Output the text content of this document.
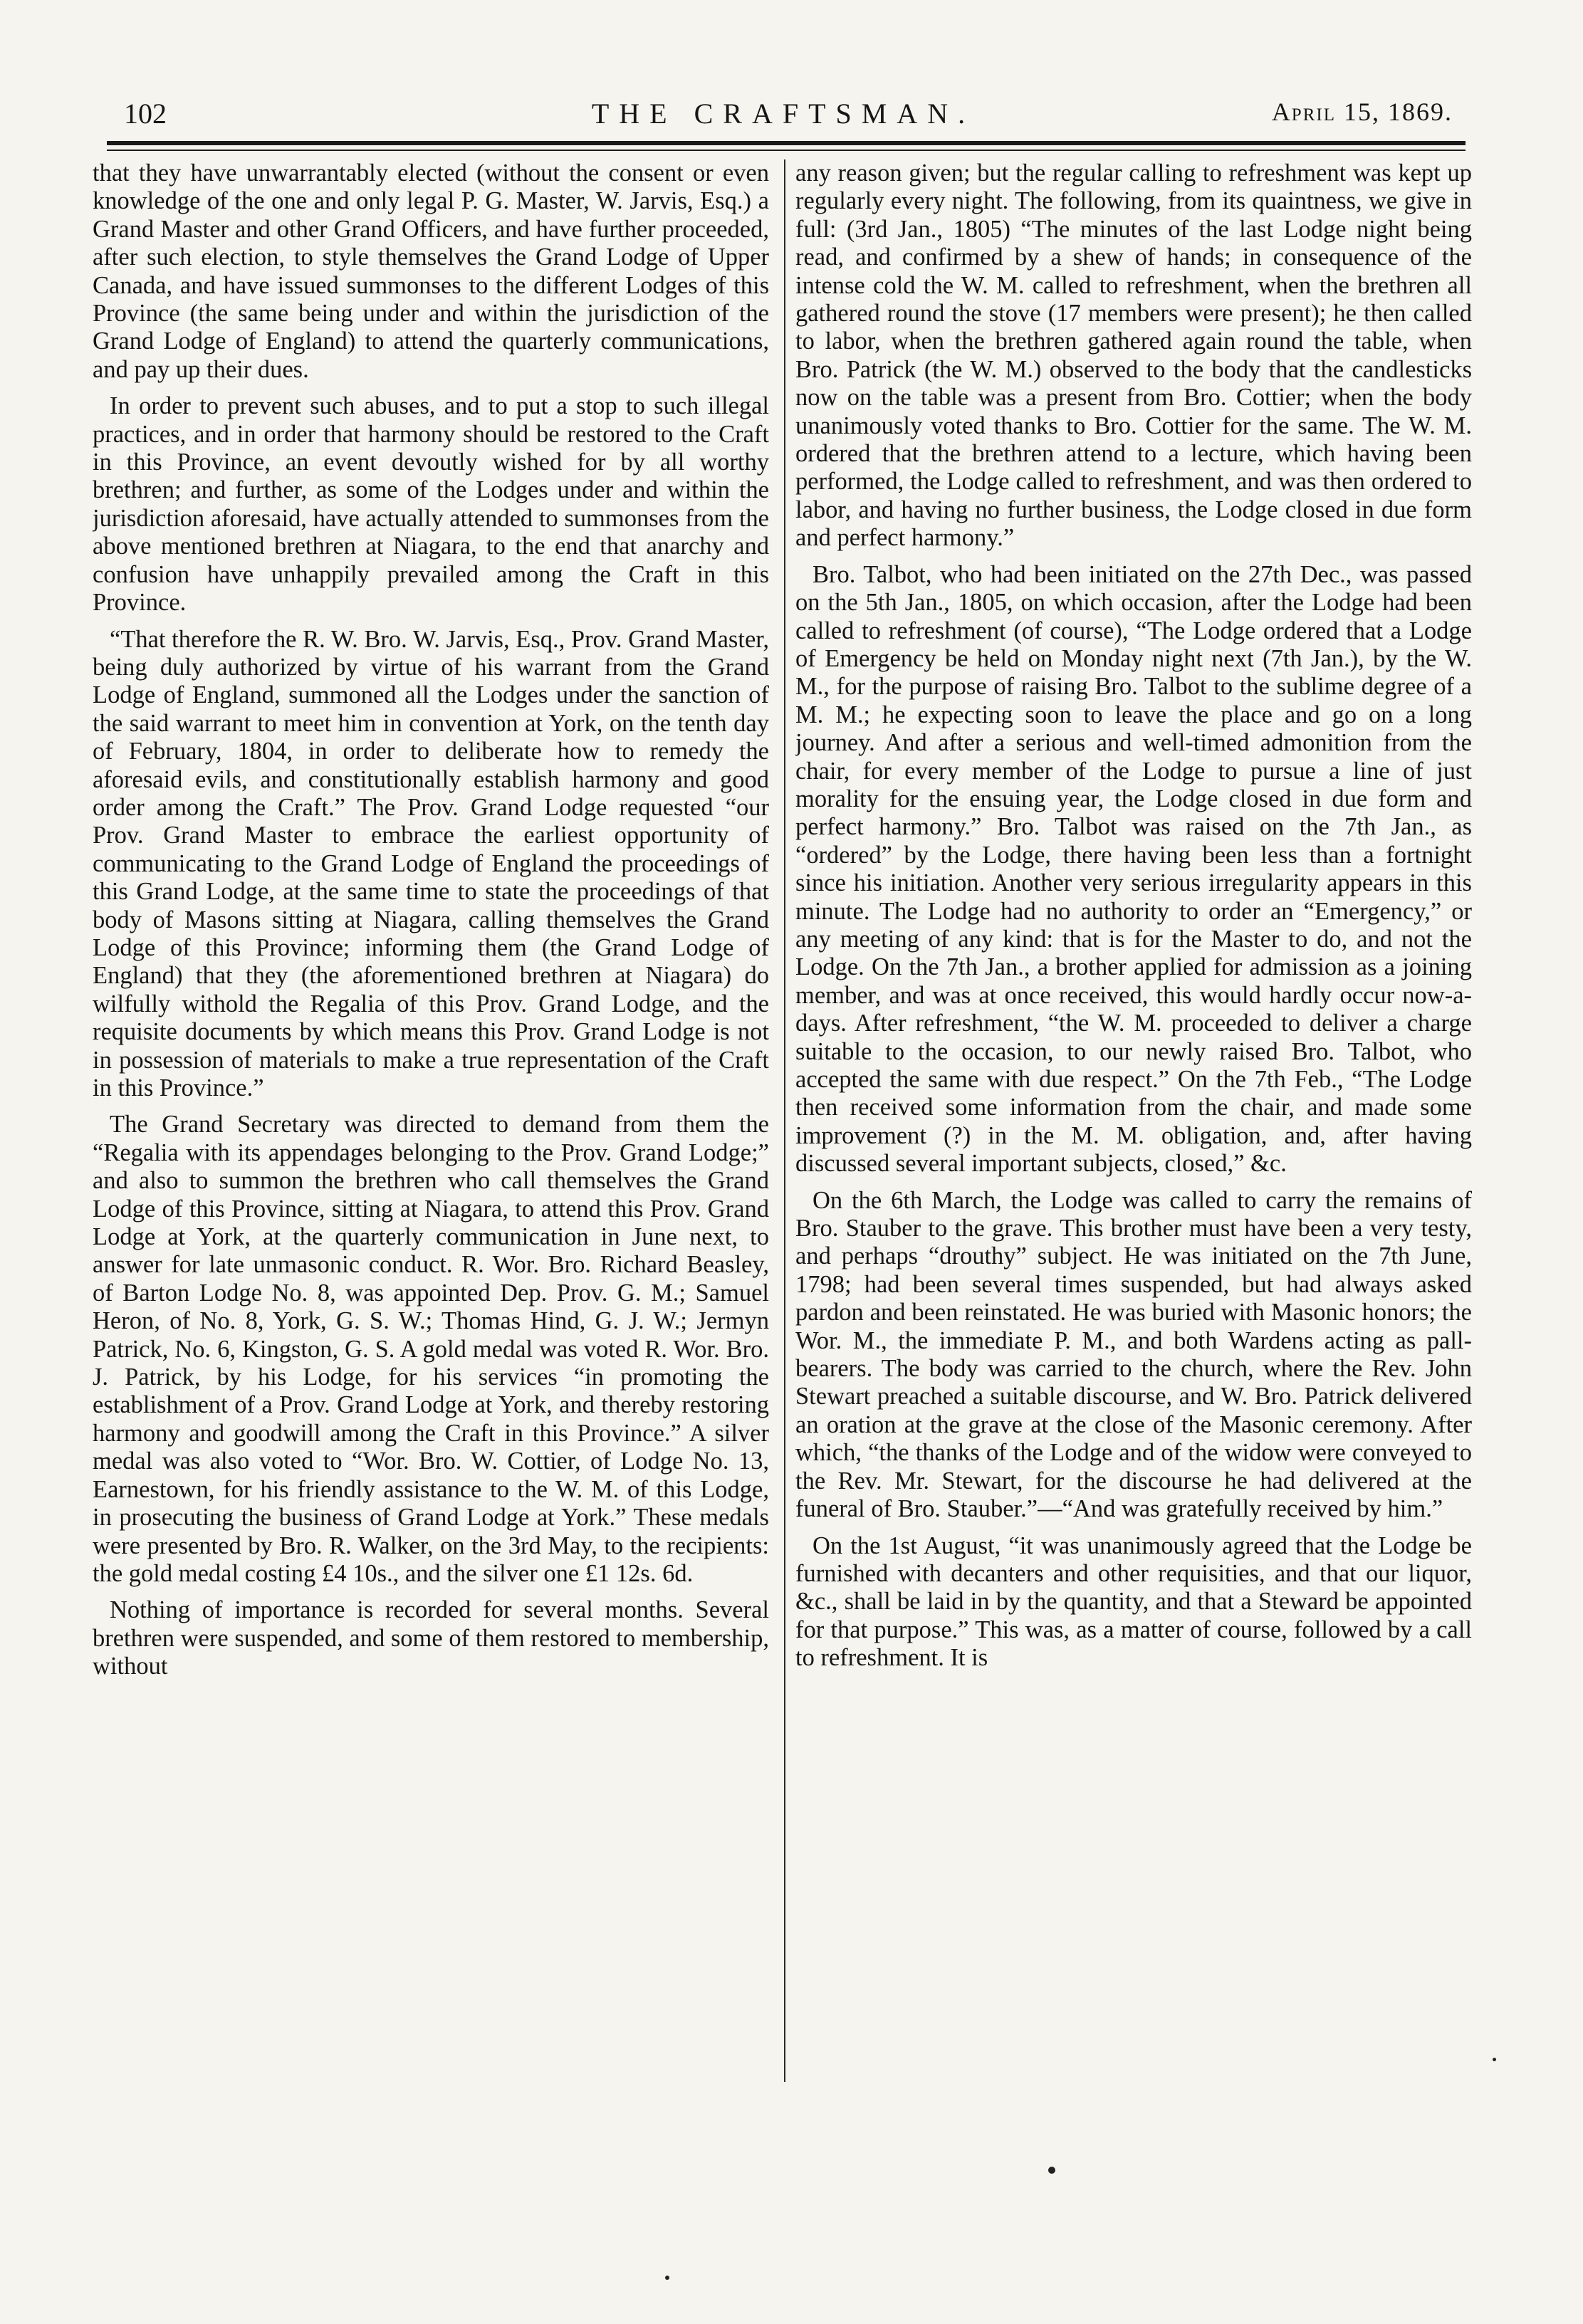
102	THE CRAFTSMAN.	April 15, 1869.

that they have unwarrantably elected (without the consent or even knowledge of the one and only legal P. G. Master, W. Jarvis, Esq.) a Grand Master and other Grand Officers, and have further proceeded, after such election, to style themselves the Grand Lodge of Upper Canada, and have issued summonses to the different Lodges of this Province (the same being under and within the jurisdiction of the Grand Lodge of England) to attend the quarterly communications, and pay up their dues.

In order to prevent such abuses, and to put a stop to such illegal practices, and in order that harmony should be restored to the Craft in this Province, an event devoutly wished for by all worthy brethren; and further, as some of the Lodges under and within the jurisdiction aforesaid, have actually attended to summonses from the above mentioned brethren at Niagara, to the end that anarchy and confusion have unhappily prevailed among the Craft in this Province.

“That therefore the R. W. Bro. W. Jarvis, Esq., Prov. Grand Master, being duly authorized by virtue of his warrant from the Grand Lodge of England, summoned all the Lodges under the sanction of the said warrant to meet him in convention at York, on the tenth day of February, 1804, in order to deliberate how to remedy the aforesaid evils, and constitutionally establish harmony and good order among the Craft.” The Prov. Grand Lodge requested “our Prov. Grand Master to embrace the earliest opportunity of communicating to the Grand Lodge of England the proceedings of this Grand Lodge, at the same time to state the proceedings of that body of Masons sitting at Niagara, calling themselves the Grand Lodge of this Province; informing them (the Grand Lodge of England) that they (the aforementioned brethren at Niagara) do wilfully withold the Regalia of this Prov. Grand Lodge, and the requisite documents by which means this Prov. Grand Lodge is not in possession of materials to make a true representation of the Craft in this Province.”

The Grand Secretary was directed to demand from them the “Regalia with its appendages belonging to the Prov. Grand Lodge;” and also to summon the brethren who call themselves the Grand Lodge of this Province, sitting at Niagara, to attend this Prov. Grand Lodge at York, at the quarterly communication in June next, to answer for late unmasonic conduct. R. Wor. Bro. Richard Beasley, of Barton Lodge No. 8, was appointed Dep. Prov. G. M.; Samuel Heron, of No. 8, York, G. S. W.; Thomas Hind, G. J. W.; Jermyn Patrick, No. 6, Kingston, G. S. A gold medal was voted R. Wor. Bro. J. Patrick, by his Lodge, for his services “in promoting the establishment of a Prov. Grand Lodge at York, and thereby restoring harmony and goodwill among the Craft in this Province.” A silver medal was also voted to “Wor. Bro. W. Cottier, of Lodge No. 13, Earnestown, for his friendly assistance to the W. M. of this Lodge, in prosecuting the business of Grand Lodge at York.” These medals were presented by Bro. R. Walker, on the 3rd May, to the recipients: the gold medal costing £4 10s., and the silver one £1 12s. 6d.

Nothing of importance is recorded for several months. Several brethren were suspended, and some of them restored to membership, without

any reason given; but the regular calling to refreshment was kept up regularly every night. The following, from its quaintness, we give in full: (3rd Jan., 1805) “The minutes of the last Lodge night being read, and confirmed by a shew of hands; in consequence of the intense cold the W. M. called to refreshment, when the brethren all gathered round the stove (17 members were present); he then called to labor, when the brethren gathered again round the table, when Bro. Patrick (the W. M.) observed to the body that the candlesticks now on the table was a present from Bro. Cottier; when the body unanimously voted thanks to Bro. Cottier for the same. The W. M. ordered that the brethren attend to a lecture, which having been performed, the Lodge called to refreshment, and was then ordered to labor, and having no further business, the Lodge closed in due form and perfect harmony.”

Bro. Talbot, who had been initiated on the 27th Dec., was passed on the 5th Jan., 1805, on which occasion, after the Lodge had been called to refreshment (of course), “The Lodge ordered that a Lodge of Emergency be held on Monday night next (7th Jan.), by the W. M., for the purpose of raising Bro. Talbot to the sublime degree of a M. M.; he expecting soon to leave the place and go on a long journey. And after a serious and well-timed admonition from the chair, for every member of the Lodge to pursue a line of just morality for the ensuing year, the Lodge closed in due form and perfect harmony.” Bro. Talbot was raised on the 7th Jan., as “ordered” by the Lodge, there having been less than a fortnight since his initiation. Another very serious irregularity appears in this minute. The Lodge had no authority to order an “Emergency,” or any meeting of any kind: that is for the Master to do, and not the Lodge. On the 7th Jan., a brother applied for admission as a joining member, and was at once received, this would hardly occur now-a-days. After refreshment, “the W. M. proceeded to deliver a charge suitable to the occasion, to our newly raised Bro. Talbot, who accepted the same with due respect.” On the 7th Feb., “The Lodge then received some information from the chair, and made some improvement (?) in the M. M. obligation, and, after having discussed several important subjects, closed,” &c.

On the 6th March, the Lodge was called to carry the remains of Bro. Stauber to the grave. This brother must have been a very testy, and perhaps “drouthy” subject. He was initiated on the 7th June, 1798; had been several times suspended, but had always asked pardon and been reinstated. He was buried with Masonic honors; the Wor. M., the immediate P. M., and both Wardens acting as pall-bearers. The body was carried to the church, where the Rev. John Stewart preached a suitable discourse, and W. Bro. Patrick delivered an oration at the grave at the close of the Masonic ceremony. After which, “the thanks of the Lodge and of the widow were conveyed to the Rev. Mr. Stewart, for the discourse he had delivered at the funeral of Bro. Stauber.”—“And was gratefully received by him.”

On the 1st August, “it was unanimously agreed that the Lodge be furnished with decanters and other requisities, and that our liquor, &c., shall be laid in by the quantity, and that a Steward be appointed for that purpose.” This was, as a matter of course, followed by a call to refreshment. It is
